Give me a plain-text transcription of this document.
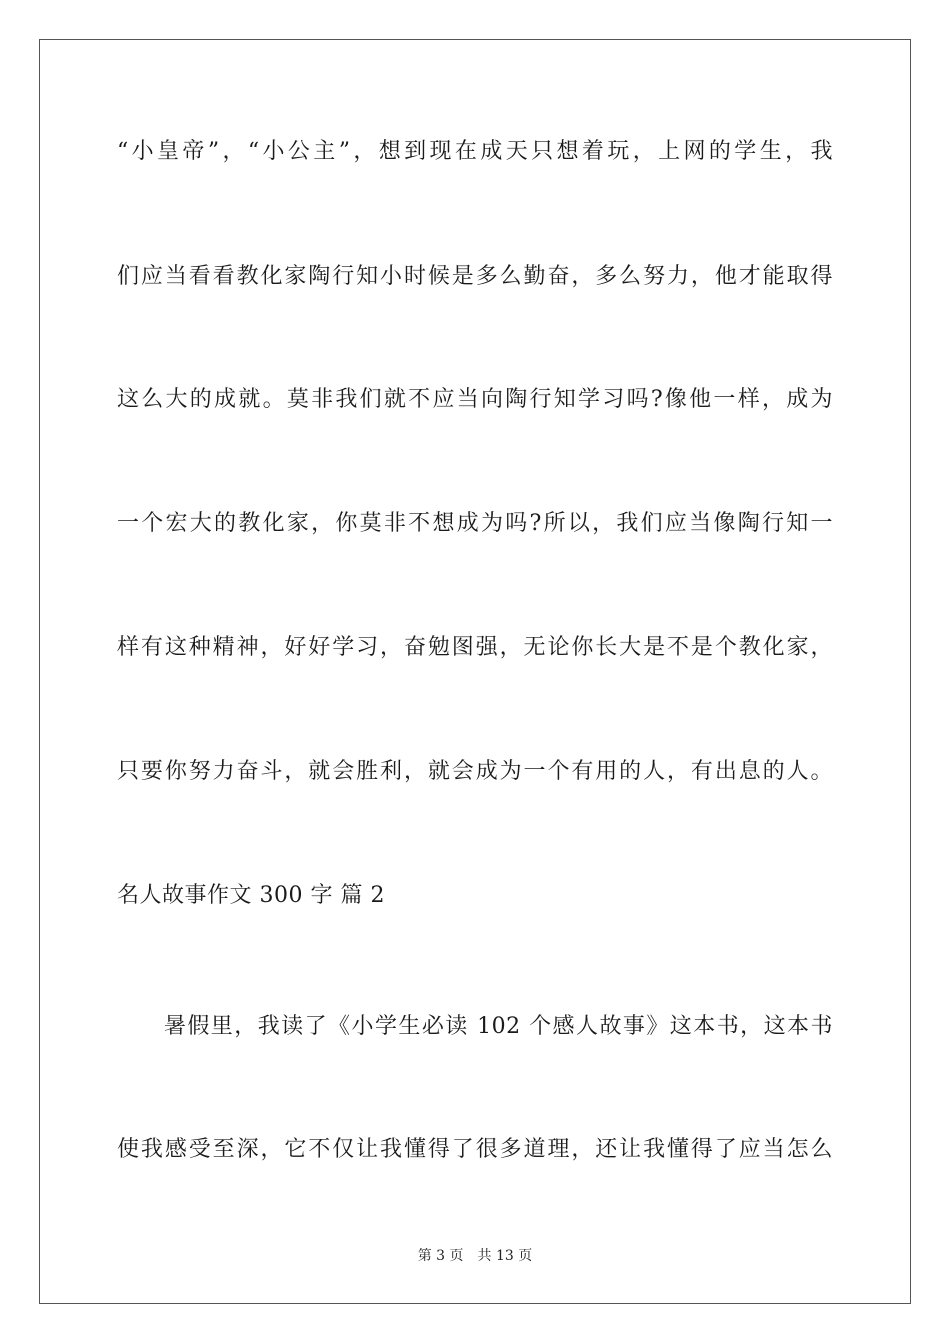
“小皇帝”，“小公主”，想到现在成天只想着玩，上网的学生，我
们应当看看教化家陶行知小时候是多么勤奋，多么努力，他才能取得
这么大的成就。莫非我们就不应当向陶行知学习吗?像他一样，成为
一个宏大的教化家，你莫非不想成为吗?所以，我们应当像陶行知一
样有这种精神，好好学习，奋勉图强，无论你长大是不是个教化家，
只要你努力奋斗，就会胜利，就会成为一个有用的人，有出息的人。
名人故事作文 300 字 篇 2
　　暑假里，我读了《小学生必读 102 个感人故事》这本书，这本书
使我感受至深，它不仅让我懂得了很多道理，还让我懂得了应当怎么
第 3 页 共 13 页
